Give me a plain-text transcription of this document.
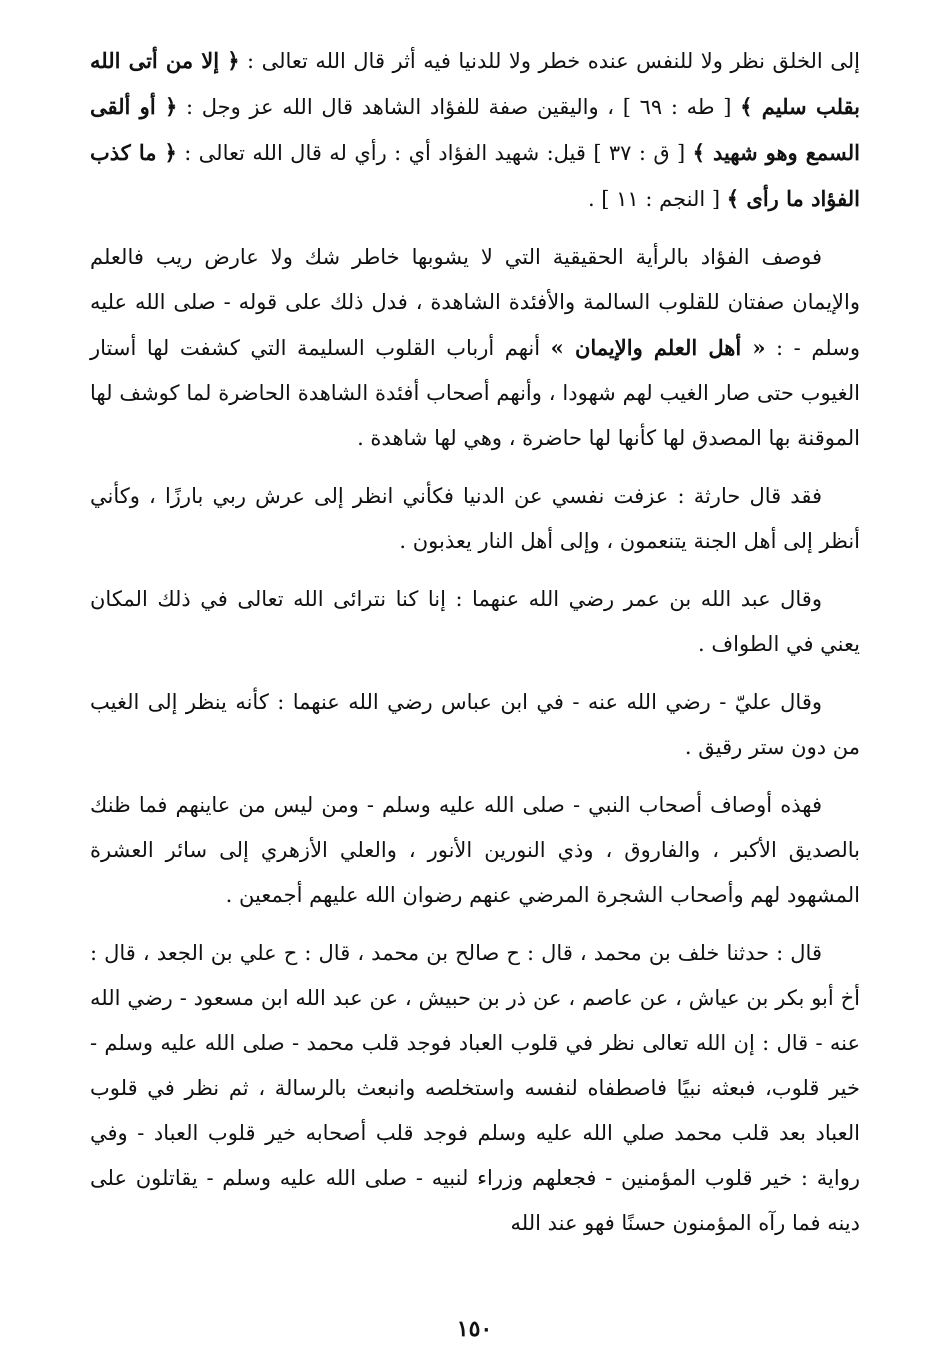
إلى الخلق نظر ولا للنفس عنده خطر ولا للدنيا فيه أثر قال الله تعالى : ﴿ إلا من أتى الله بقلب سليم ﴾ [ طه : ٦٩ ] ، واليقين صفة للفؤاد الشاهد قال الله عز وجل : ﴿ أو ألقى السمع وهو شهيد ﴾ [ ق : ٣٧ ] قيل: شهيد الفؤاد أي : رأي له قال الله تعالى : ﴿ ما كذب الفؤاد ما رأى ﴾ [ النجم : ١١ ] .

فوصف الفؤاد بالرأية الحقيقية التي لا يشوبها خاطر شك ولا عارض ريب فالعلم والإيمان صفتان للقلوب السالمة والأفئدة الشاهدة ، فدل ذلك على قوله - صلى الله عليه وسلم - : « أهل العلم والإيمان » أنهم أرباب القلوب السليمة التي كشفت لها أستار الغيوب حتى صار الغيب لهم شهودا ، وأنهم أصحاب أفئدة الشاهدة الحاضرة لما كوشف لها الموقنة بها المصدق لها كأنها لها حاضرة ، وهي لها شاهدة .

فقد قال حارثة : عزفت نفسي عن الدنيا فكأني انظر إلى عرش ربي بارزًا ، وكأني أنظر إلى أهل الجنة يتنعمون ، وإلى أهل النار يعذبون .

وقال عبد الله بن عمر رضي الله عنهما : إنا كنا نترائى الله تعالى في ذلك المكان يعني في الطواف .

وقال عليّ - رضي الله عنه - في ابن عباس رضي الله عنهما : كأنه ينظر إلى الغيب من دون ستر رقيق .

فهذه أوصاف أصحاب النبي - صلى الله عليه وسلم - ومن ليس من عاينهم فما ظنك بالصديق الأكبر ، والفاروق ، وذي النورين الأنور ، والعلي الأزهري إلى سائر العشرة المشهود لهم وأصحاب الشجرة المرضي عنهم رضوان الله عليهم أجمعين .

قال : حدثنا خلف بن محمد ، قال : ح صالح بن محمد ، قال : ح علي بن الجعد ، قال : أخ أبو بكر بن عياش ، عن عاصم ، عن ذر بن حبيش ، عن عبد الله ابن مسعود - رضي الله عنه - قال : إن الله تعالى نظر في قلوب العباد فوجد قلب محمد - صلى الله عليه وسلم - خير قلوب، فبعثه نبيًا فاصطفاه لنفسه واستخلصه وانبعث بالرسالة ، ثم نظر في قلوب العباد بعد قلب محمد صلي الله عليه وسلم فوجد قلب أصحابه خير قلوب العباد - وفي رواية : خير قلوب المؤمنين - فجعلهم وزراء لنبيه - صلى الله عليه وسلم - يقاتلون على دينه فما رآه المؤمنون حسنًا فهو عند الله

١٥٠
